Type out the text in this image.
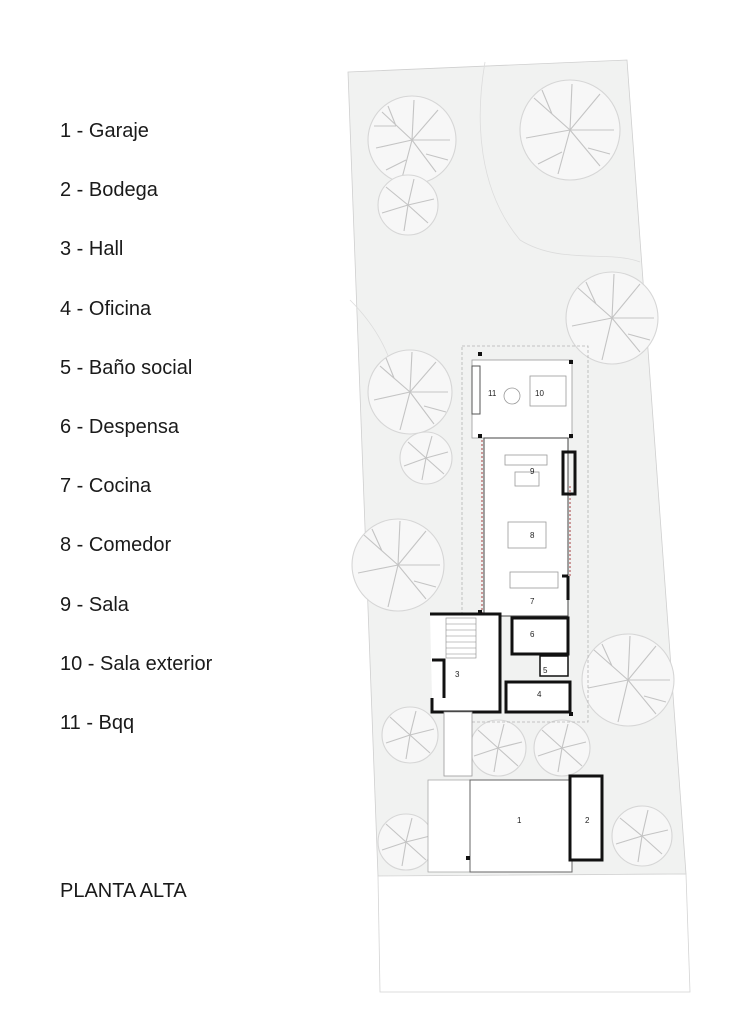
1 - Garaje
2 - Bodega
3 - Hall
4 - Oficina
5 - Baño social
6 - Despensa
7 - Cocina
8 - Comedor
9 - Sala
10 - Sala exterior
11 - Bqq
PLANTA ALTA
1	2
3
4
5
6
7
8
9
10
11
